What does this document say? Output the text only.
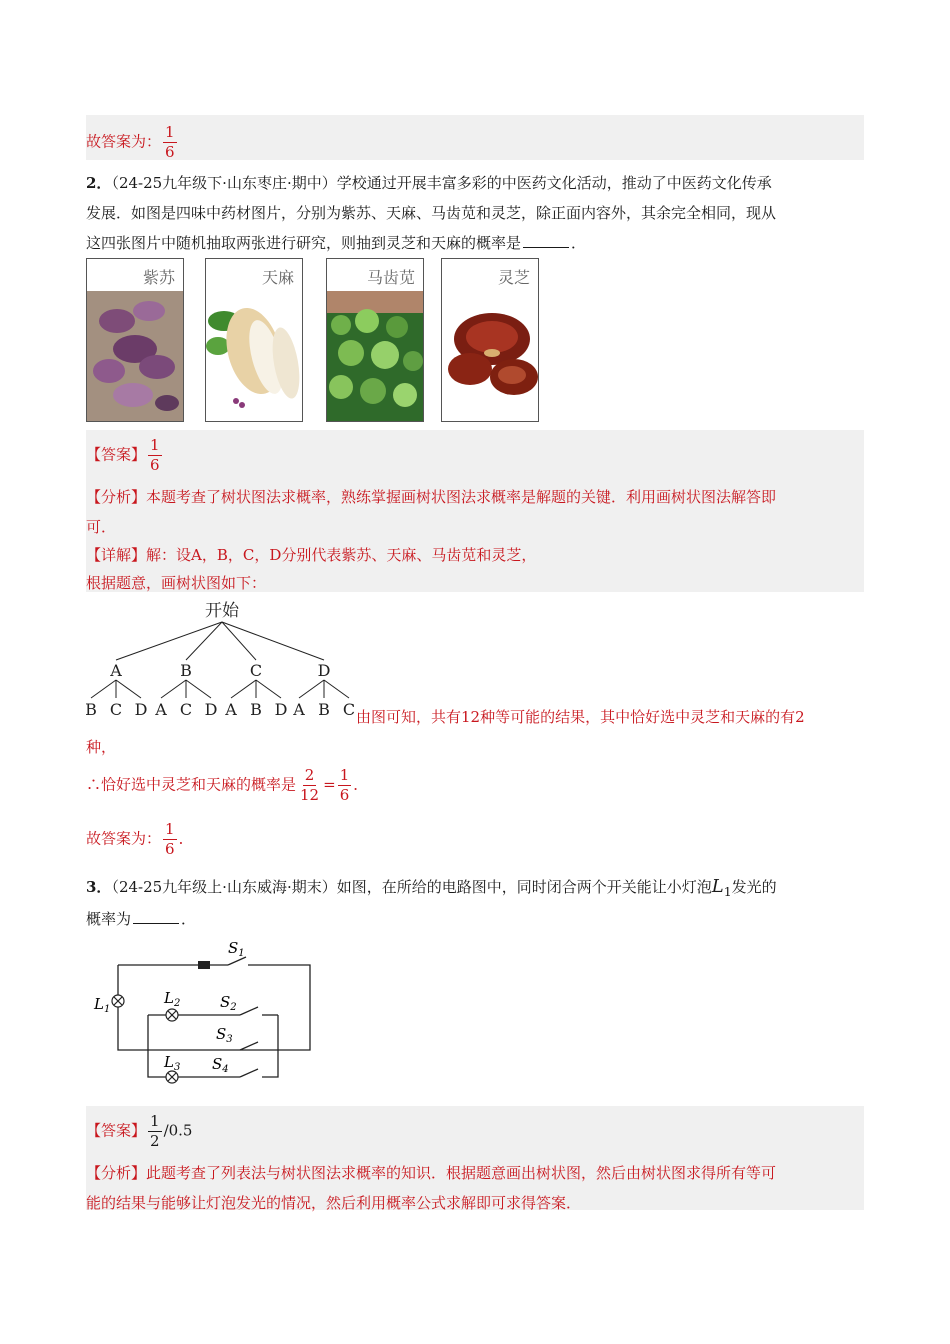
故答案为： $\frac{1}{6}$
2．（24-25九年级下·山东枣庄·期中）学校通过开展丰富多彩的中医药文化活动，推动了中医药文化传承
发展．如图是四味中药材图片，分别为紫苏、天麻、马齿苋和灵芝，除正面内容外，其余完全相同，现从
这四张图片中随机抽取两张进行研究，则抽到灵芝和天麻的概率是	．
紫苏	天麻	马齿苋	灵芝
【答案】 $\frac{1}{6}$
【分析】本题考查了树状图法求概率，熟练掌握画树状图法求概率是解题的关键．利用画树状图法解答即
可．
【详解】解：设A，B，C，D分别代表紫苏、天麻、马齿苋和灵芝，
根据题意，画树状图如下：
开始
A
B C D
B
A C D
C
A B D
D
A B C 由图可知，共有12种等可能的结果，其中恰好选中灵芝和天麻的有2
种，
∴恰好选中灵芝和天麻的概率是 $\frac{2}{12} = \frac{1}{6}$ ．
故答案为： $\frac{1}{6}$ ．
3．（24-25九年级上·山东威海·期末）如图，在所给的电路图中，同时闭合两个开关能让小灯泡$L_1$发光的
概率为	．
$S_1$
$L_1$
$L_2$	$S_2$
$S_3$
$L_3$ $S_4$
【答案】 $\frac{1}{2} /0.5$
【分析】此题考查了列表法与树状图法求概率的知识．根据题意画出树状图，然后由树状图求得所有等可
能的结果与能够让灯泡发光的情况，然后利用概率公式求解即可求得答案．
